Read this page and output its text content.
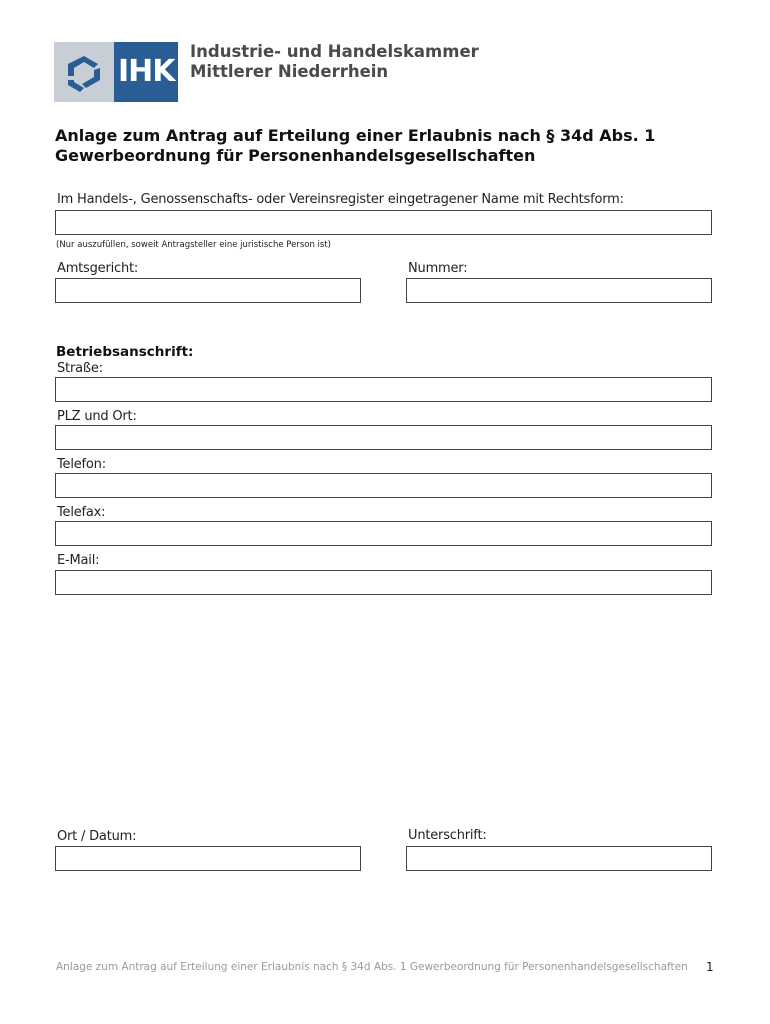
IHK
Industrie- und Handelskammer
Mittlerer Niederrhein
Anlage zum Antrag auf Erteilung einer Erlaubnis nach § 34d Abs. 1
Gewerbeordnung für Personenhandelsgesellschaften
Im Handels-, Genossenschafts- oder Vereinsregister eingetragener Name mit Rechtsform:
(Nur auszufüllen, soweit Antragsteller eine juristische Person ist)
Amtsgericht:	Nummer:
Betriebsanschrift:
Straße:
PLZ und Ort:
Telefon:
Telefax:
E-Mail:
Ort / Datum:	Unterschrift:
Anlage zum Antrag auf Erteilung einer Erlaubnis nach § 34d Abs. 1 Gewerbeordnung für Personenhandelsgesellschaften 1
